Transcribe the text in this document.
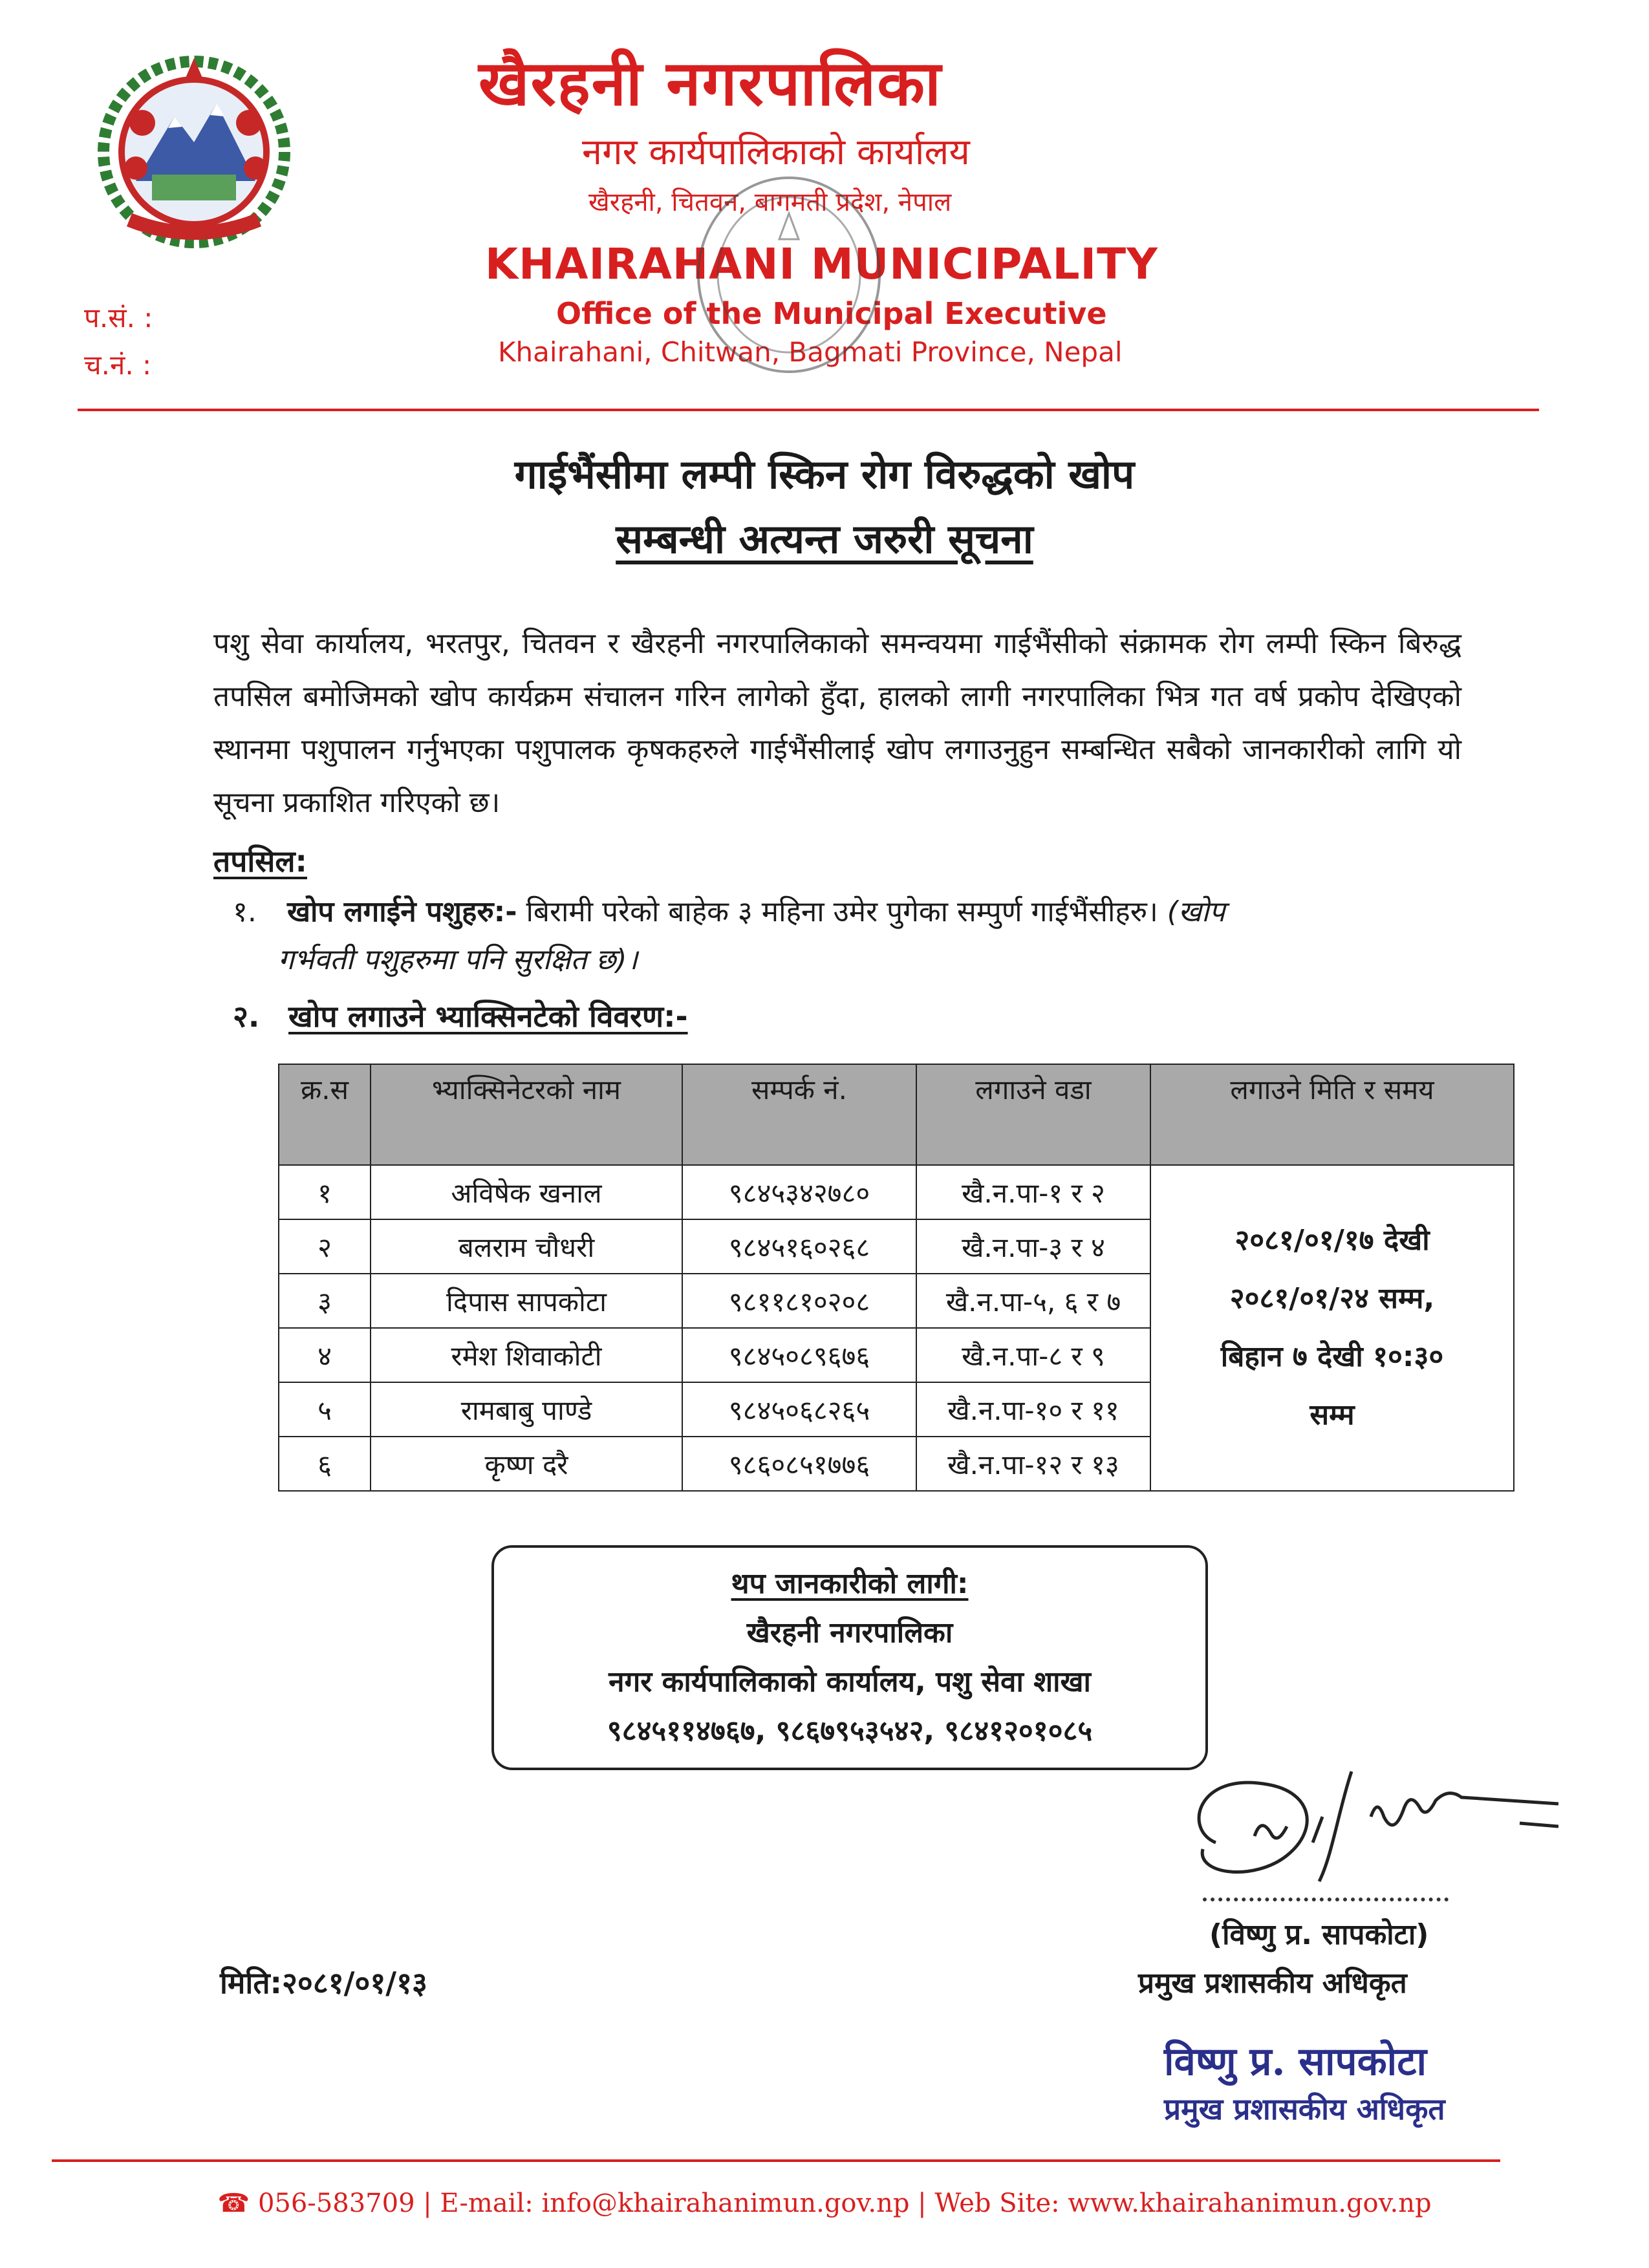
खैरहनी नगरपालिका
नगर कार्यपालिकाको कार्यालय
खैरहनी, चितवन, बागमती प्रदेश, नेपाल
KHAIRAHANI MUNICIPALITY
Office of the Municipal Executive
Khairahani, Chitwan, Bagmati Province, Nepal
प.सं. :
च.नं. :
गाईभैंसीमा लम्पी स्किन रोग विरुद्धको खोप
सम्बन्धी अत्यन्त जरुरी सूचना
पशु सेवा कार्यालय, भरतपुर, चितवन र खैरहनी नगरपालिकाको समन्वयमा गाईभैंसीको संक्रामक रोग लम्पी स्किन बिरुद्ध तपसिल बमोजिमको खोप कार्यक्रम संचालन गरिन लागेको हुँदा, हालको लागी नगरपालिका भित्र गत वर्ष प्रकोप देखिएको स्थानमा पशुपालन गर्नुभएका पशुपालक कृषकहरुले गाईभैंसीलाई खोप लगाउनुहुन सम्बन्धित सबैको जानकारीको लागि यो सूचना प्रकाशित गरिएको छ।
तपसिल:
१. खोप लगाईने पशुहरु:- बिरामी परेको बाहेक ३ महिना उमेर पुगेका सम्पुर्ण गाईभैंसीहरु। (खोप
गर्भवती पशुहरुमा पनि सुरक्षित छ)।
२. खोप लगाउने भ्याक्सिनटेको विवरण:-
क्र.स	भ्याक्सिनेटरको नाम	सम्पर्क नं.	लगाउने वडा	लगाउने मिति र समय
१	अविषेक खनाल	९८४५३४२७८०	खै.न.पा-१ र २	२०८१/०१/१७ देखी
२०८१/०१/२४ सम्म,
बिहान ७ देखी १०:३०
सम्म

२	बलराम चौधरी	९८४५१६०२६८	खै.न.पा-३ र ४	
३	दिपास सापकोटा	९८११८१०२०८	खै.न.पा-५, ६ र ७	
४	रमेश शिवाकोटी	९८४५०८९६७६	खै.न.पा-८ र ९	
५	रामबाबु पाण्डे	९८४५०६८२६५	खै.न.पा-१० र ११	
६	कृष्ण दरै	९८६०८५१७७६	खै.न.पा-१२ र १३	
थप जानकारीको लागी:
खैरहनी नगरपालिका
नगर कार्यपालिकाको कार्यालय, पशु सेवा शाखा
९८४५११४७६७, ९८६७९५३५४२, ९८४१२०१०८५
(विष्णु प्र. सापकोटा)
प्रमुख प्रशासकीय अधिकृत
मिति:२०८१/०१/१३
विष्णु प्र. सापकोटा
प्रमुख प्रशासकीय अधिकृत
☎ 056-583709 | E-mail: info@khairahanimun.gov.np | Web Site: www.khairahanimun.gov.np
